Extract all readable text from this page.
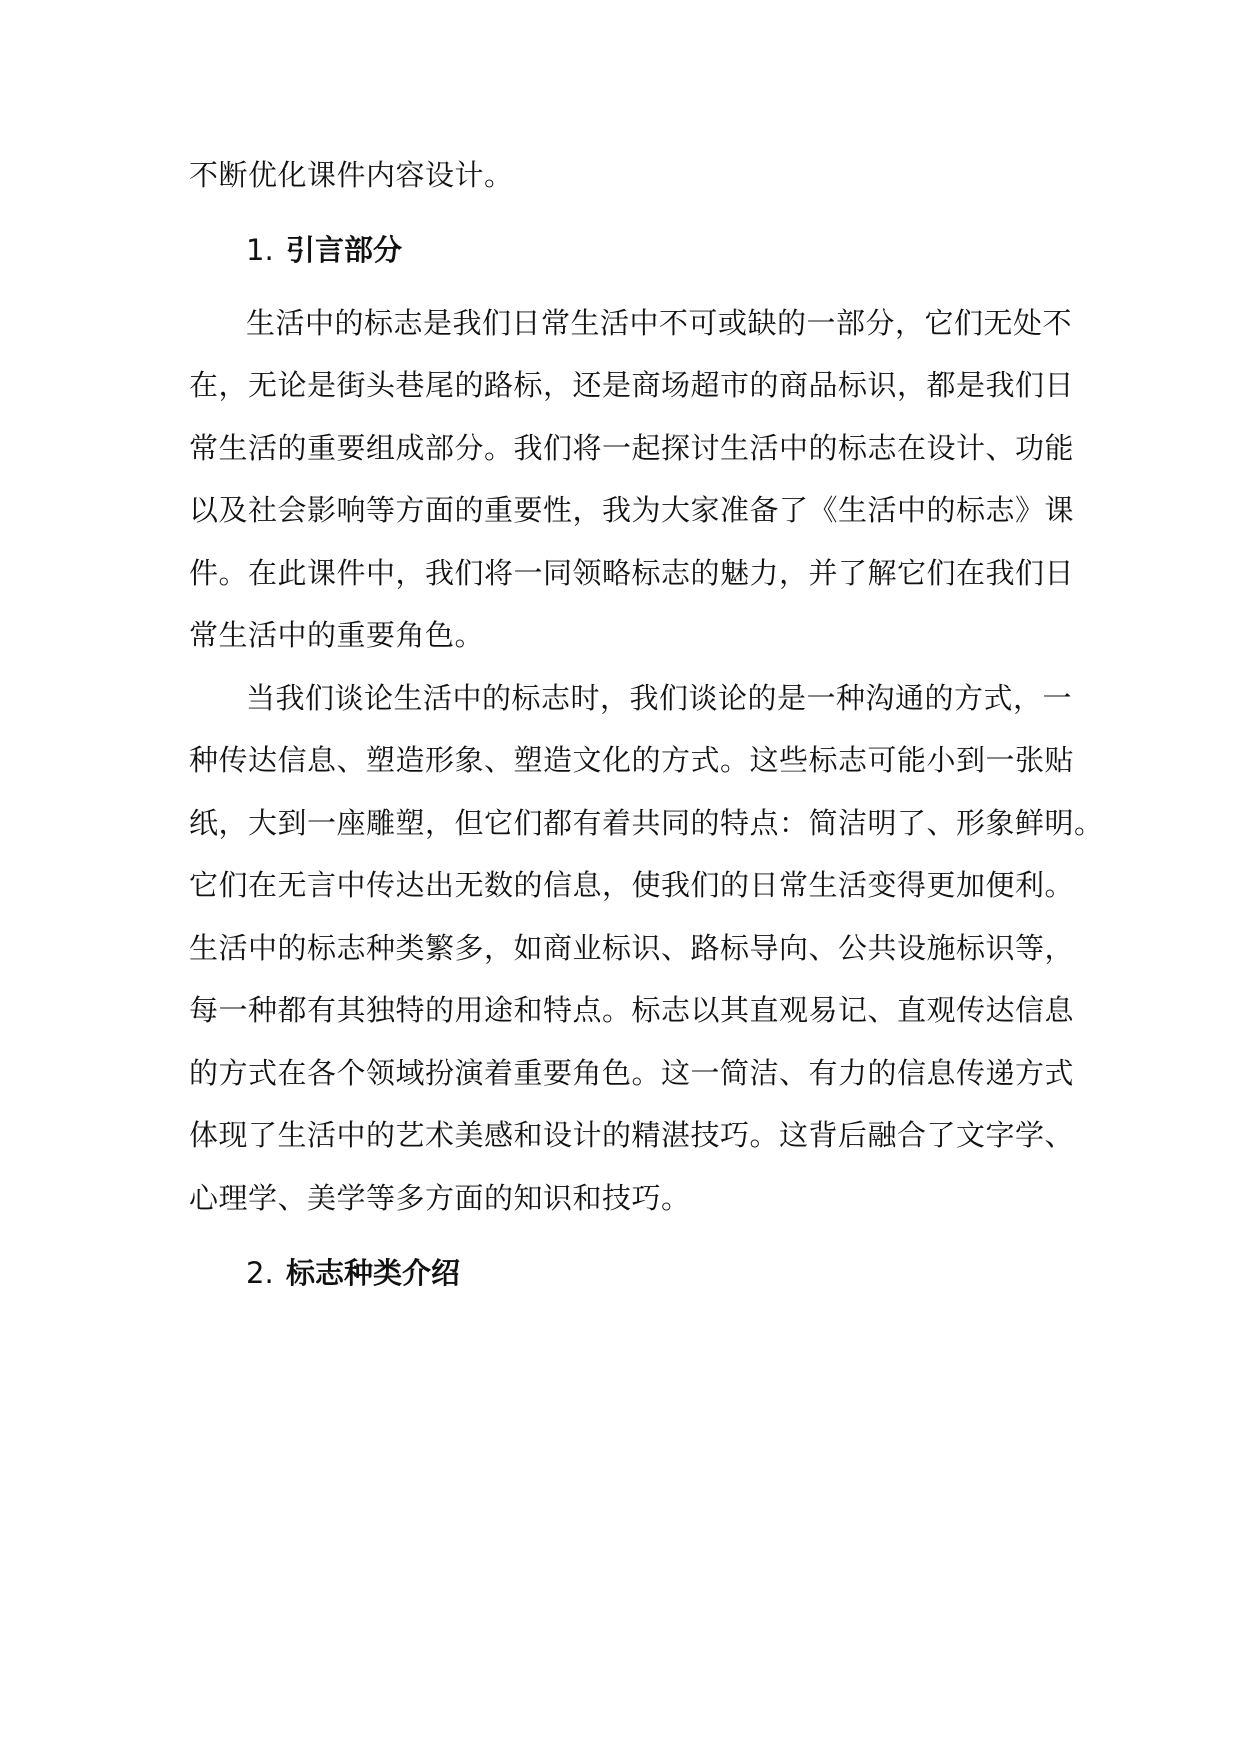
不断优化课件内容设计。
1. 引言部分
生活中的标志是我们日常生活中不可或缺的一部分，它们无处不
在，无论是街头巷尾的路标，还是商场超市的商品标识，都是我们日
常生活的重要组成部分。我们将一起探讨生活中的标志在设计、功能
以及社会影响等方面的重要性，我为大家准备了《生活中的标志》课
件。在此课件中，我们将一同领略标志的魅力，并了解它们在我们日
常生活中的重要角色。
当我们谈论生活中的标志时，我们谈论的是一种沟通的方式，一
种传达信息、塑造形象、塑造文化的方式。这些标志可能小到一张贴
纸，大到一座雕塑，但它们都有着共同的特点：简洁明了、形象鲜明。
它们在无言中传达出无数的信息，使我们的日常生活变得更加便利。
生活中的标志种类繁多，如商业标识、路标导向、公共设施标识等，
每一种都有其独特的用途和特点。标志以其直观易记、直观传达信息
的方式在各个领域扮演着重要角色。这一简洁、有力的信息传递方式
体现了生活中的艺术美感和设计的精湛技巧。这背后融合了文字学、
心理学、美学等多方面的知识和技巧。
2. 标志种类介绍
